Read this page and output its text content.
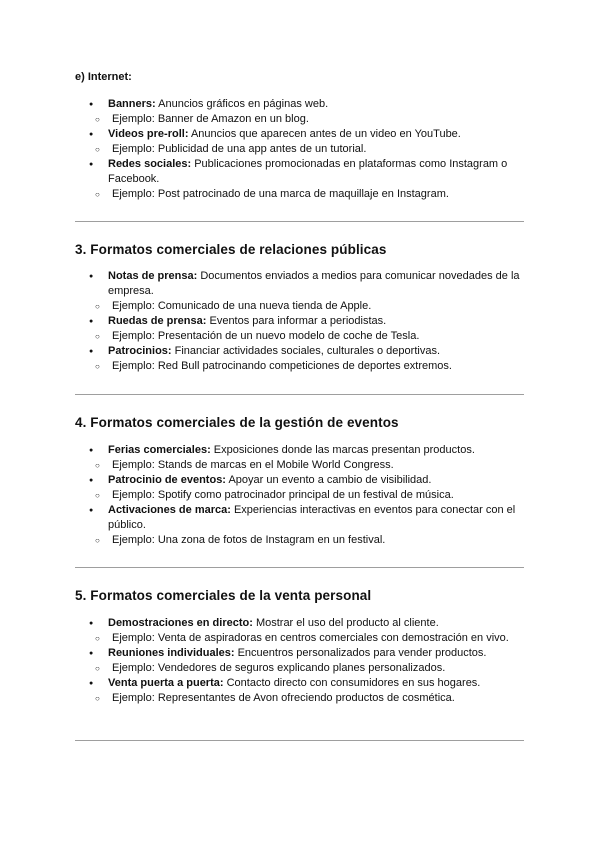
e) Internet:

● Banners: Anuncios gráficos en páginas web.
○ Ejemplo: Banner de Amazon en un blog.
● Videos pre-roll: Anuncios que aparecen antes de un video en YouTube.
○ Ejemplo: Publicidad de una app antes de un tutorial.
● Redes sociales: Publicaciones promocionadas en plataformas como Instagram o Facebook.
○ Ejemplo: Post patrocinado de una marca de maquillaje en Instagram.
3. Formatos comerciales de relaciones públicas
● Notas de prensa: Documentos enviados a medios para comunicar novedades de la empresa.
○ Ejemplo: Comunicado de una nueva tienda de Apple.
● Ruedas de prensa: Eventos para informar a periodistas.
○ Ejemplo: Presentación de un nuevo modelo de coche de Tesla.
● Patrocinios: Financiar actividades sociales, culturales o deportivas.
○ Ejemplo: Red Bull patrocinando competiciones de deportes extremos.
4. Formatos comerciales de la gestión de eventos
● Ferias comerciales: Exposiciones donde las marcas presentan productos.
○ Ejemplo: Stands de marcas en el Mobile World Congress.
● Patrocinio de eventos: Apoyar un evento a cambio de visibilidad.
○ Ejemplo: Spotify como patrocinador principal de un festival de música.
● Activaciones de marca: Experiencias interactivas en eventos para conectar con el público.
○ Ejemplo: Una zona de fotos de Instagram en un festival.
5. Formatos comerciales de la venta personal
● Demostraciones en directo: Mostrar el uso del producto al cliente.
○ Ejemplo: Venta de aspiradoras en centros comerciales con demostración en vivo.
● Reuniones individuales: Encuentros personalizados para vender productos.
○ Ejemplo: Vendedores de seguros explicando planes personalizados.
● Venta puerta a puerta: Contacto directo con consumidores en sus hogares.
○ Ejemplo: Representantes de Avon ofreciendo productos de cosmética.
